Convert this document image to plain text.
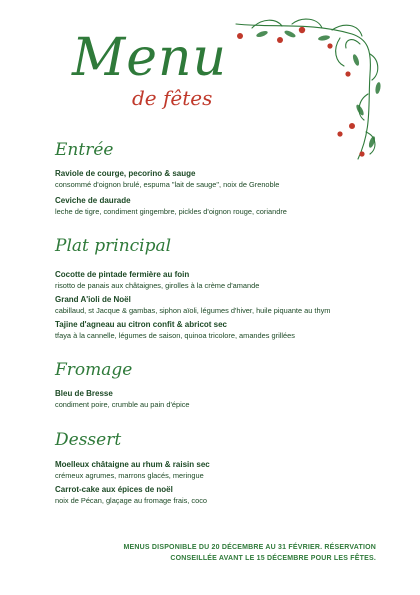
Menu
de fêtes
Entrée
Raviole de courge, pecorino & sauge
consommé d'oignon brulé, espuma "lait de sauge", noix de Grenoble
Ceviche de daurade
leche de tigre, condiment gingembre, pickles d'oignon rouge, coriandre
Plat principal
Cocotte de pintade fermière au foin
risotto de panais aux châtaignes, girolles à la crème d'amande
Grand A'ioli de Noël
cabillaud, st Jacque & gambas, siphon aïoli, légumes d'hiver, huile piquante au thym
Tajine d'agneau au citron confit & abricot sec
tfaya à la cannelle, légumes de saison, quinoa tricolore, amandes grillées
Fromage
Bleu de Bresse
condiment poire, crumble au pain d'épice
Dessert
Moelleux châtaigne au rhum & raisin sec
crémeux agrumes, marrons glacés, meringue
Carrot-cake aux épices de noël
noix de Pécan, glaçage au fromage frais, coco
MENUS DISPONIBLE DU 20 DÉCEMBRE AU 31 FÉVRIER. RÉSERVATION
CONSEILLÉE AVANT LE 15 DÉCEMBRE POUR LES FÊTES.
